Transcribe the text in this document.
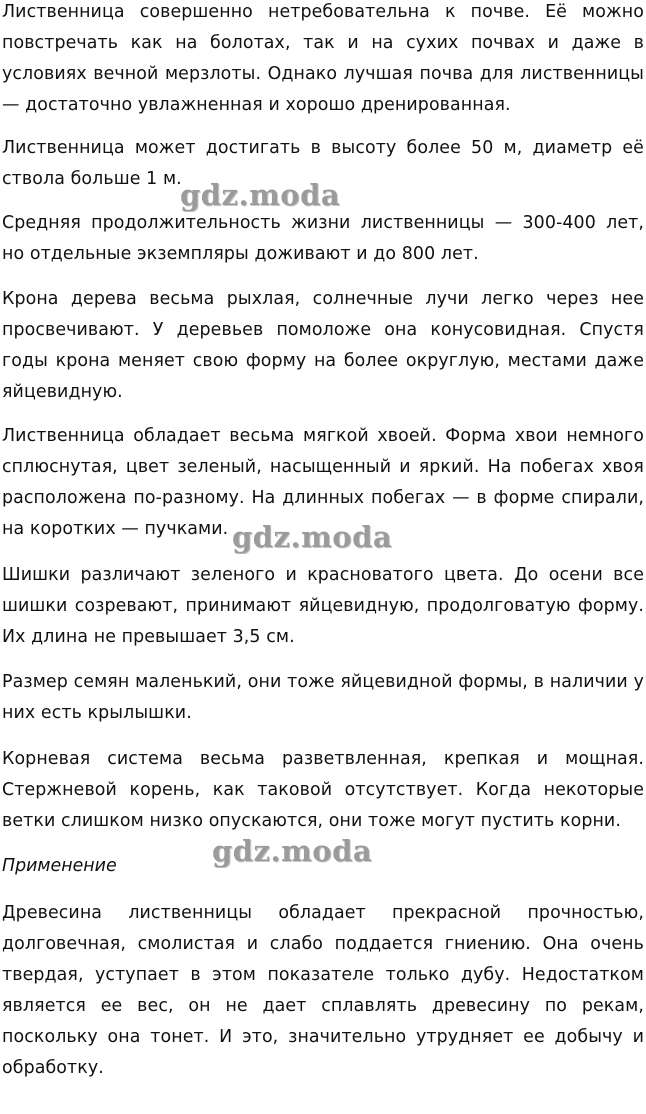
Лиственница совершенно нетребовательна к почве. Её можно повстречать как на болотах, так и на сухих почвах и даже в условиях вечной мерзлоты. Однако лучшая почва для лиственницы — достаточно увлажненная и хорошо дренированная.

Лиственница может достигать в высоту более 50 м, диаметр её ствола больше 1 м.

Средняя продолжительность жизни лиственницы — 300-400 лет, но отдельные экземпляры доживают и до 800 лет.

Крона дерева весьма рыхлая, солнечные лучи легко через нее просвечивают. У деревьев помоложе она конусовидная. Спустя годы крона меняет свою форму на более округлую, местами даже яйцевидную.

Лиственница обладает весьма мягкой хвоей. Форма хвои немного сплюснутая, цвет зеленый, насыщенный и яркий. На побегах хвоя расположена по-разному. На длинных побегах — в форме спирали, на коротких — пучками.

Шишки различают зеленого и красноватого цвета. До осени все шишки созревают, принимают яйцевидную, продолговатую форму. Их длина не превышает 3,5 см.

Размер семян маленький, они тоже яйцевидной формы, в наличии у них есть крылышки.

Корневая система весьма разветвленная, крепкая и мощная. Стержневой корень, как таковой отсутствует. Когда некоторые ветки слишком низко опускаются, они тоже могут пустить корни.

Применение

Древесина лиственницы обладает прекрасной прочностью, долговечная, смолистая и слабо поддается гниению. Она очень твердая, уступает в этом показателе только дубу. Недостатком является ее вес, он не дает сплавлять древесину по рекам, поскольку она тонет. И это, значительно утрудняет ее добычу и обработку.

gdz.moda
gdz.moda
gdz.moda
